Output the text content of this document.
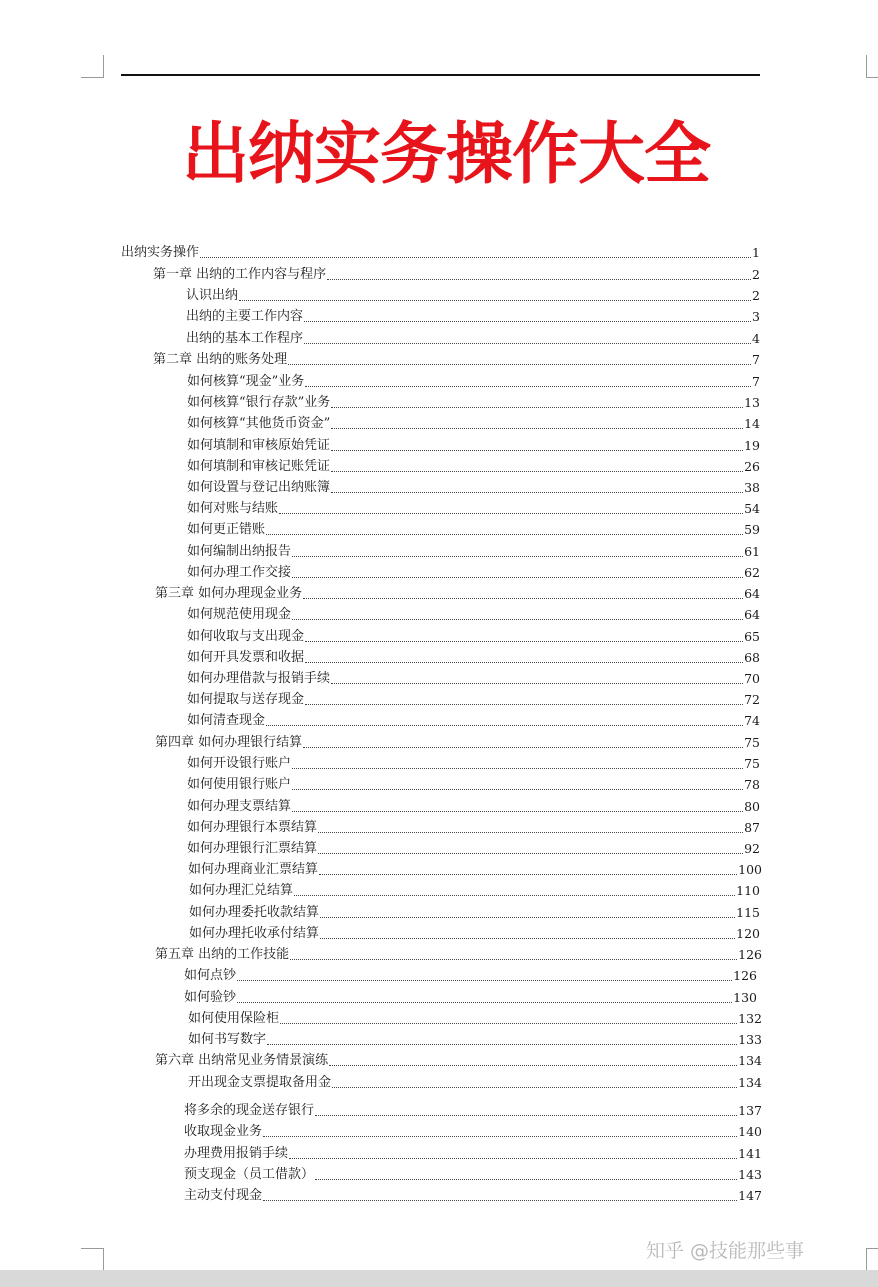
出纳实务操作大全
出纳实务操作	1
第一章 出纳的工作内容与程序	2
认识出纳	2
出纳的主要工作内容	3
出纳的基本工作程序	4
第二章 出纳的账务处理	7
如何核算“现金”业务	7
如何核算“银行存款”业务	13
如何核算“其他货币资金”	14
如何填制和审核原始凭证	19
如何填制和审核记账凭证	26
如何设置与登记出纳账簿	38
如何对账与结账	54
如何更正错账	59
如何编制出纳报告	61
如何办理工作交接	62
第三章 如何办理现金业务	64
如何规范使用现金	64
如何收取与支出现金	65
如何开具发票和收据	68
如何办理借款与报销手续	70
如何提取与送存现金	72
如何清查现金	74
第四章 如何办理银行结算	75
如何开设银行账户	75
如何使用银行账户	78
如何办理支票结算	80
如何办理银行本票结算	87
如何办理银行汇票结算	92
如何办理商业汇票结算	100
如何办理汇兑结算	110
如何办理委托收款结算	115
如何办理托收承付结算	120
第五章 出纳的工作技能	126
如何点钞	126
如何验钞	130
如何使用保险柜	132
如何书写数字	133
第六章 出纳常见业务情景演练	134
开出现金支票提取备用金	134
将多余的现金送存银行	137
收取现金业务	140
办理费用报销手续	141
预支现金（员工借款）	143
主动支付现金	147
知乎 @技能那些事
